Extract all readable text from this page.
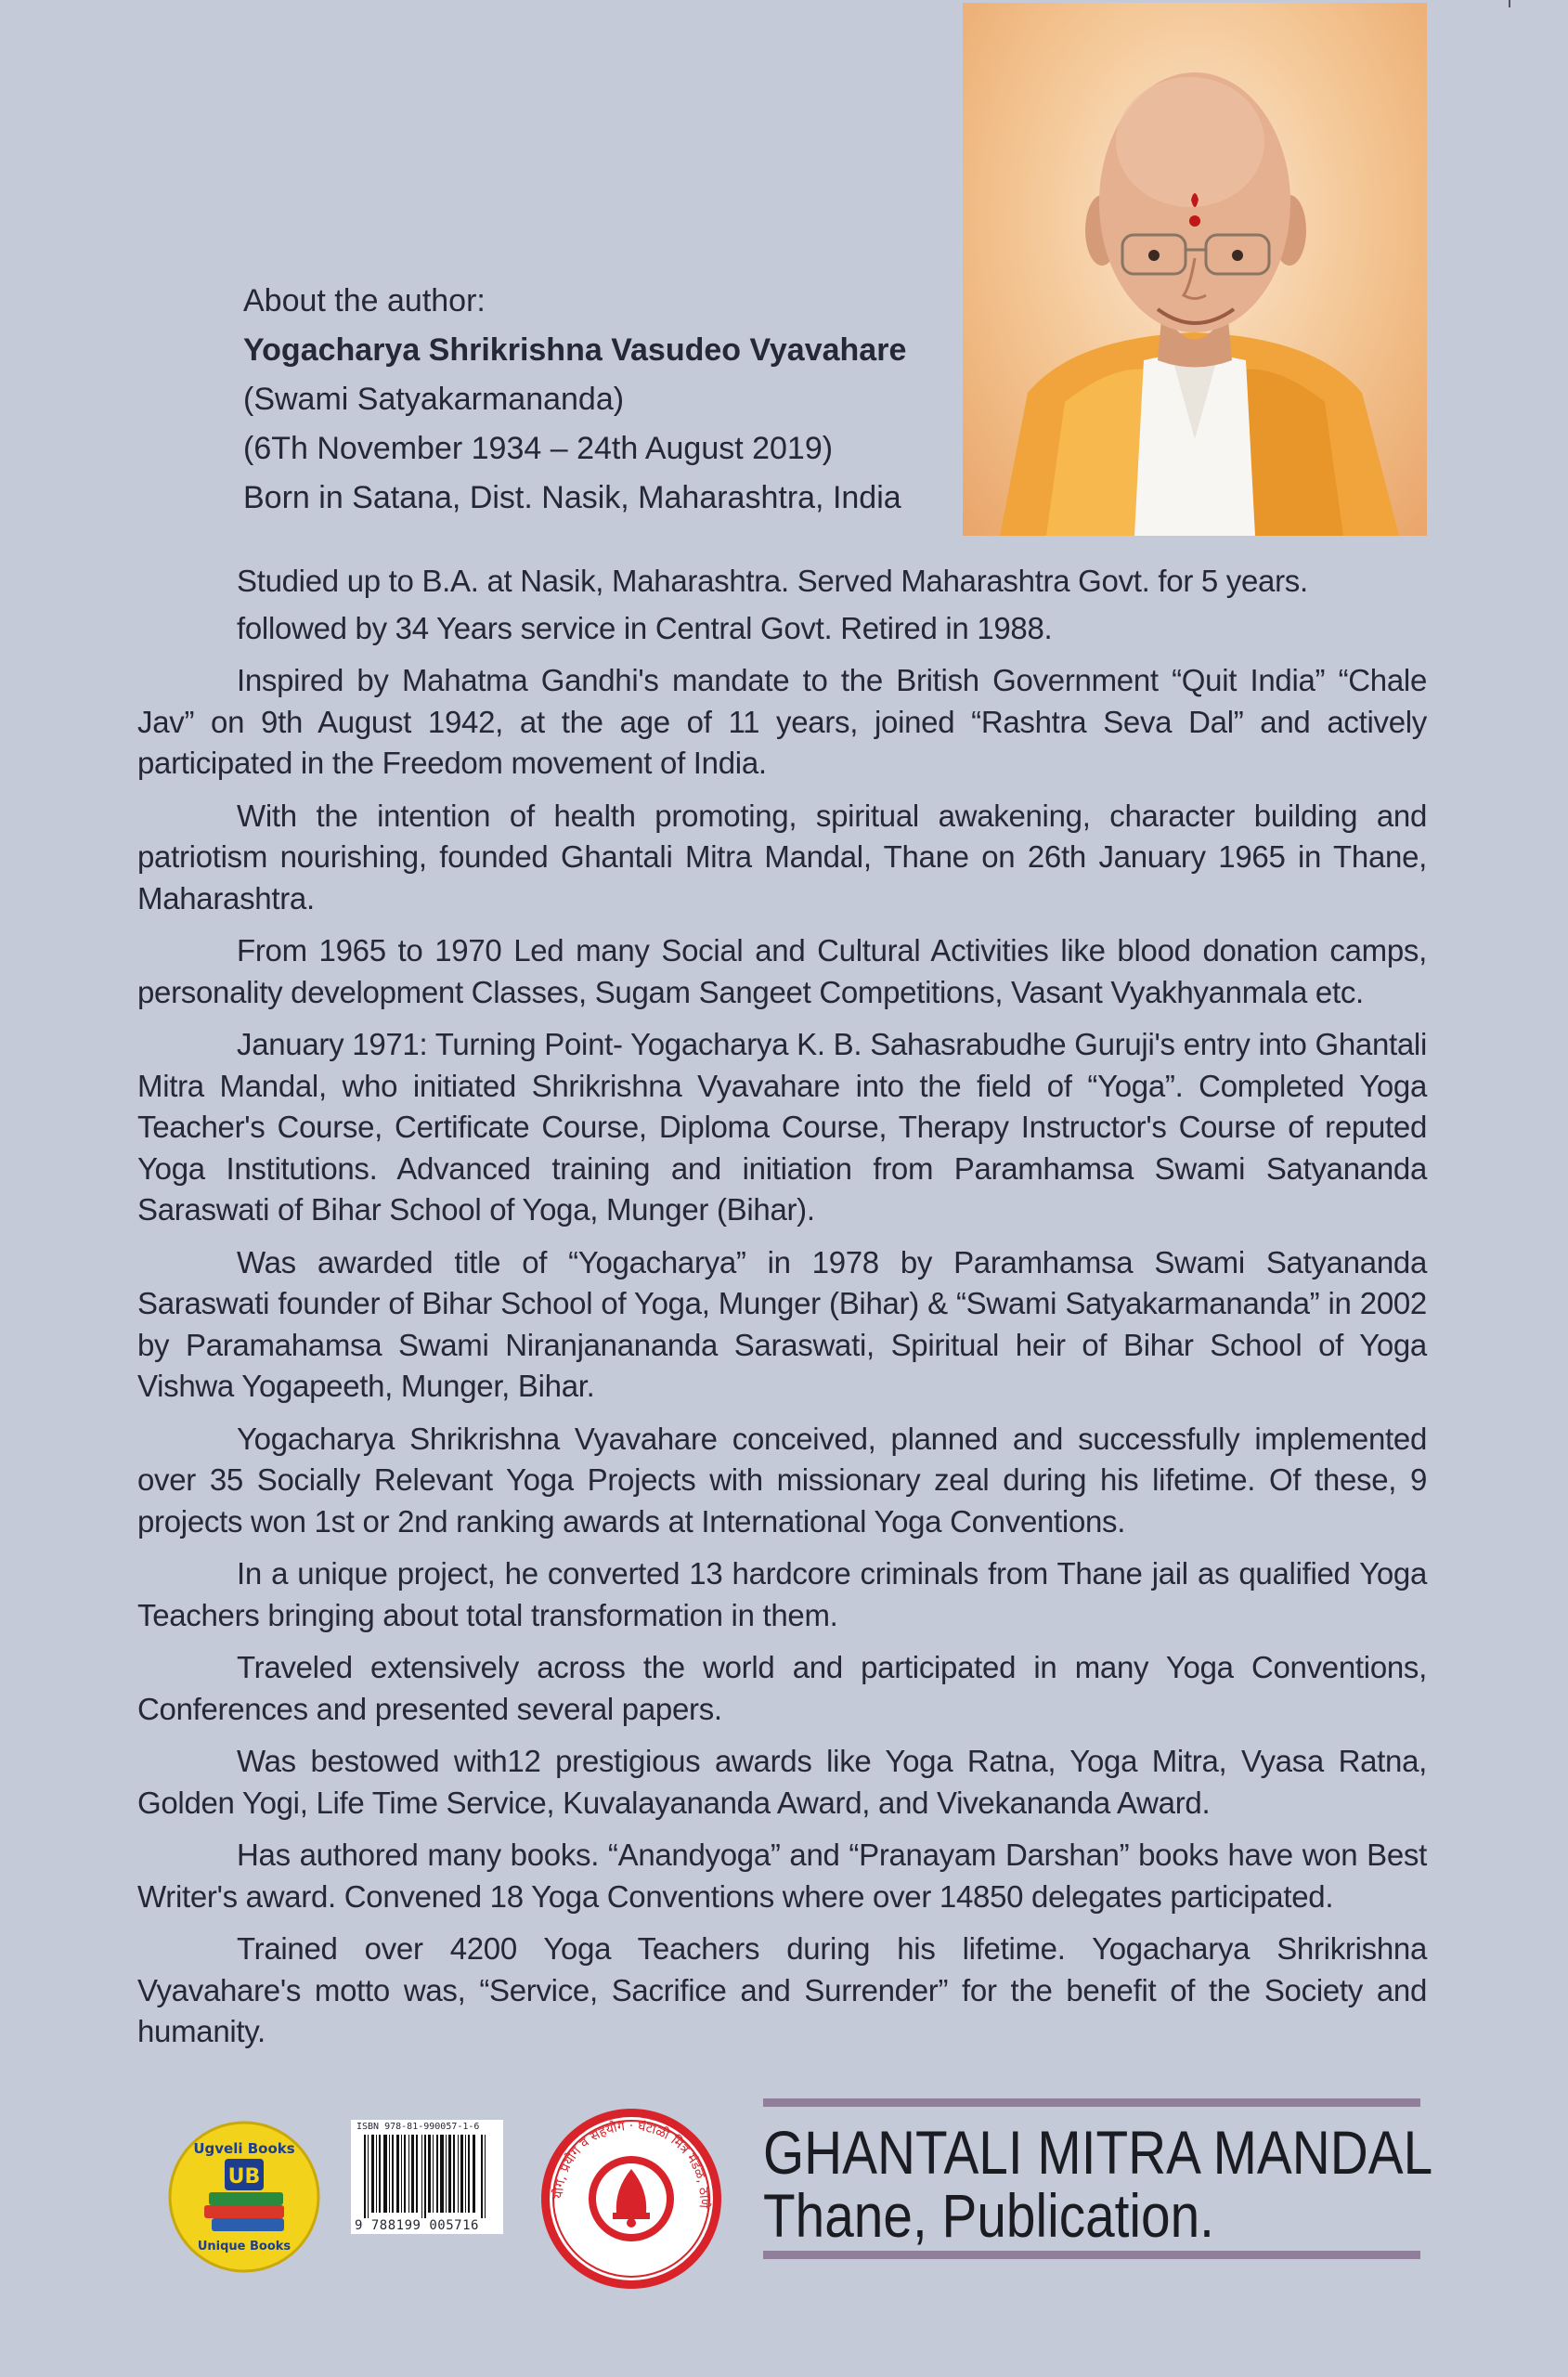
About the author:
Yogacharya Shrikrishna Vasudeo Vyavahare
(Swami Satyakarmananda)
(6Th November 1934 – 24th August 2019)
Born in Satana, Dist. Nasik, Maharashtra, India

Studied up to B.A. at Nasik, Maharashtra. Served Maharashtra Govt. for 5 years.

followed by 34 Years service in Central Govt. Retired in 1988.

Inspired by Mahatma Gandhi's mandate to the British Government “Quit India” “Chale Jav” on 9th August 1942, at the age of 11 years, joined “Rashtra Seva Dal” and actively participated in the Freedom movement of India.

With the intention of health promoting, spiritual awakening, character building and patriotism nourishing, founded Ghantali Mitra Mandal, Thane on 26th January 1965 in Thane, Maharashtra.

From 1965 to 1970 Led many Social and Cultural Activities like blood donation camps, personality development Classes, Sugam Sangeet Competitions, Vasant Vyakhyanmala etc.

January 1971: Turning Point- Yogacharya K. B. Sahasrabudhe Guruji's entry into Ghantali Mitra Mandal, who initiated Shrikrishna Vyavahare into the field of “Yoga”. Completed Yoga Teacher's Course, Certificate Course, Diploma Course, Therapy Instructor's Course of reputed Yoga Institutions. Advanced training and initiation from Paramhamsa Swami Satyananda Saraswati of Bihar School of Yoga, Munger (Bihar).

Was awarded title of “Yogacharya” in 1978 by Paramhamsa Swami Satyananda Saraswati founder of Bihar School of Yoga, Munger (Bihar) & “Swami Satyakarmananda” in 2002 by Paramahamsa Swami Niranjanananda Saraswati, Spiritual heir of Bihar School of Yoga Vishwa Yogapeeth, Munger, Bihar.

Yogacharya Shrikrishna Vyavahare conceived, planned and successfully implemented over 35 Socially Relevant Yoga Projects with missionary zeal during his lifetime. Of these, 9 projects won 1st or 2nd ranking awards at International Yoga Conventions.

In a unique project, he converted 13 hardcore criminals from Thane jail as qualified Yoga Teachers bringing about total transformation in them.

Traveled extensively across the world and participated in many Yoga Conventions, Conferences and presented several papers.

Was bestowed with12 prestigious awards like Yoga Ratna, Yoga Mitra, Vyasa Ratna, Golden Yogi, Life Time Service, Kuvalayananda Award, and Vivekananda Award.

Has authored many books. “Anandyoga” and “Pranayam Darshan” books have won Best Writer's award. Convened 18 Yoga Conventions where over 14850 delegates participated.

Trained over 4200 Yoga Teachers during his lifetime. Yogacharya Shrikrishna Vyavahare's motto was, “Service, Sacrifice and Surrender” for the benefit of the Society and humanity.

UB
Ugveli Books
Unique Books
ISBN 978-81-990057-1-6
9 788199 005716
योग, प्रयोग व सहयोग · घंटाळी मित्र मंडळ, ठाणे
GHANTALI MITRA MANDAL
Thane, Publication.
